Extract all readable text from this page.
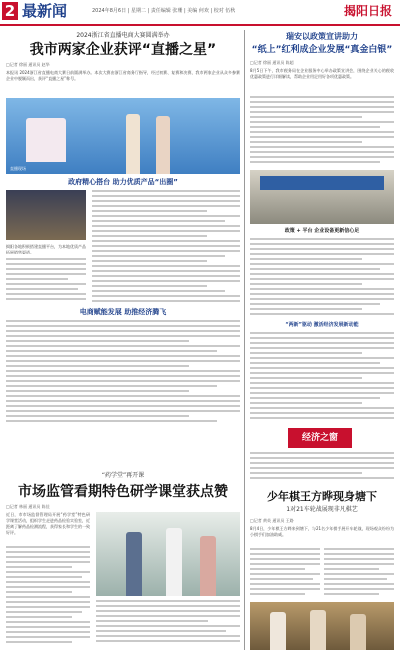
2 最新闻	2024年8月6日 | 星期二 | 责任编辑 张珊 | 美编 何欢 | 校对 伍秋	揭阳日报
2024浙江省直播电商大赛圆满举办
我市两家企业获评“直播之星”
□记者 徐丽 通讯员 赵华
本报讯 2024浙江省直播电商大赛日前圆满举办。本次大赛由浙江省商务厅指导，经过初赛、复赛和决赛，我市两家企业从众多参赛企业中脱颖而出，获评“直播之星”称号。
直播现场
政府精心搭台 助力优质产品“出圈”
揭阳各地积极搭建直播平台，为本地优质产品拓展销售渠道。
电商赋能发展 助推经济腾飞
“药学堂”再开课
市场监管看期特色研学课堂获点赞
□记者 林丽 通讯员 陈佳
近日，市市场监督管理局开展“药学堂”特色研学课堂活动，组织学生走进药品检验实验室，近距离了解药品检测流程，获得家长和学生的一致好评。
瑞安以政策宣讲助力
“纸上”红利成企业发展“真金白银”
□记者 徐丽 通讯员 陈超
8月5日下午，我市税务局在企业服务中心举办政策宣讲会，围绕企业关心的税收优惠政策进行详细解读，帮助企业用足用好各项优惠政策。
政策 + 平台 企业设备更新信心足
“两新”驱动 激活经济发展新动能
经济之窗
少年棋王方晔现身塘下
1对21车轮战展现非凡棋艺
□记者 黄英 通讯员 王路
8月4日，少年棋王方晔来到塘下，与21名少年棋手展开车轮战，现场观众纷纷为小棋手们加油助威。
